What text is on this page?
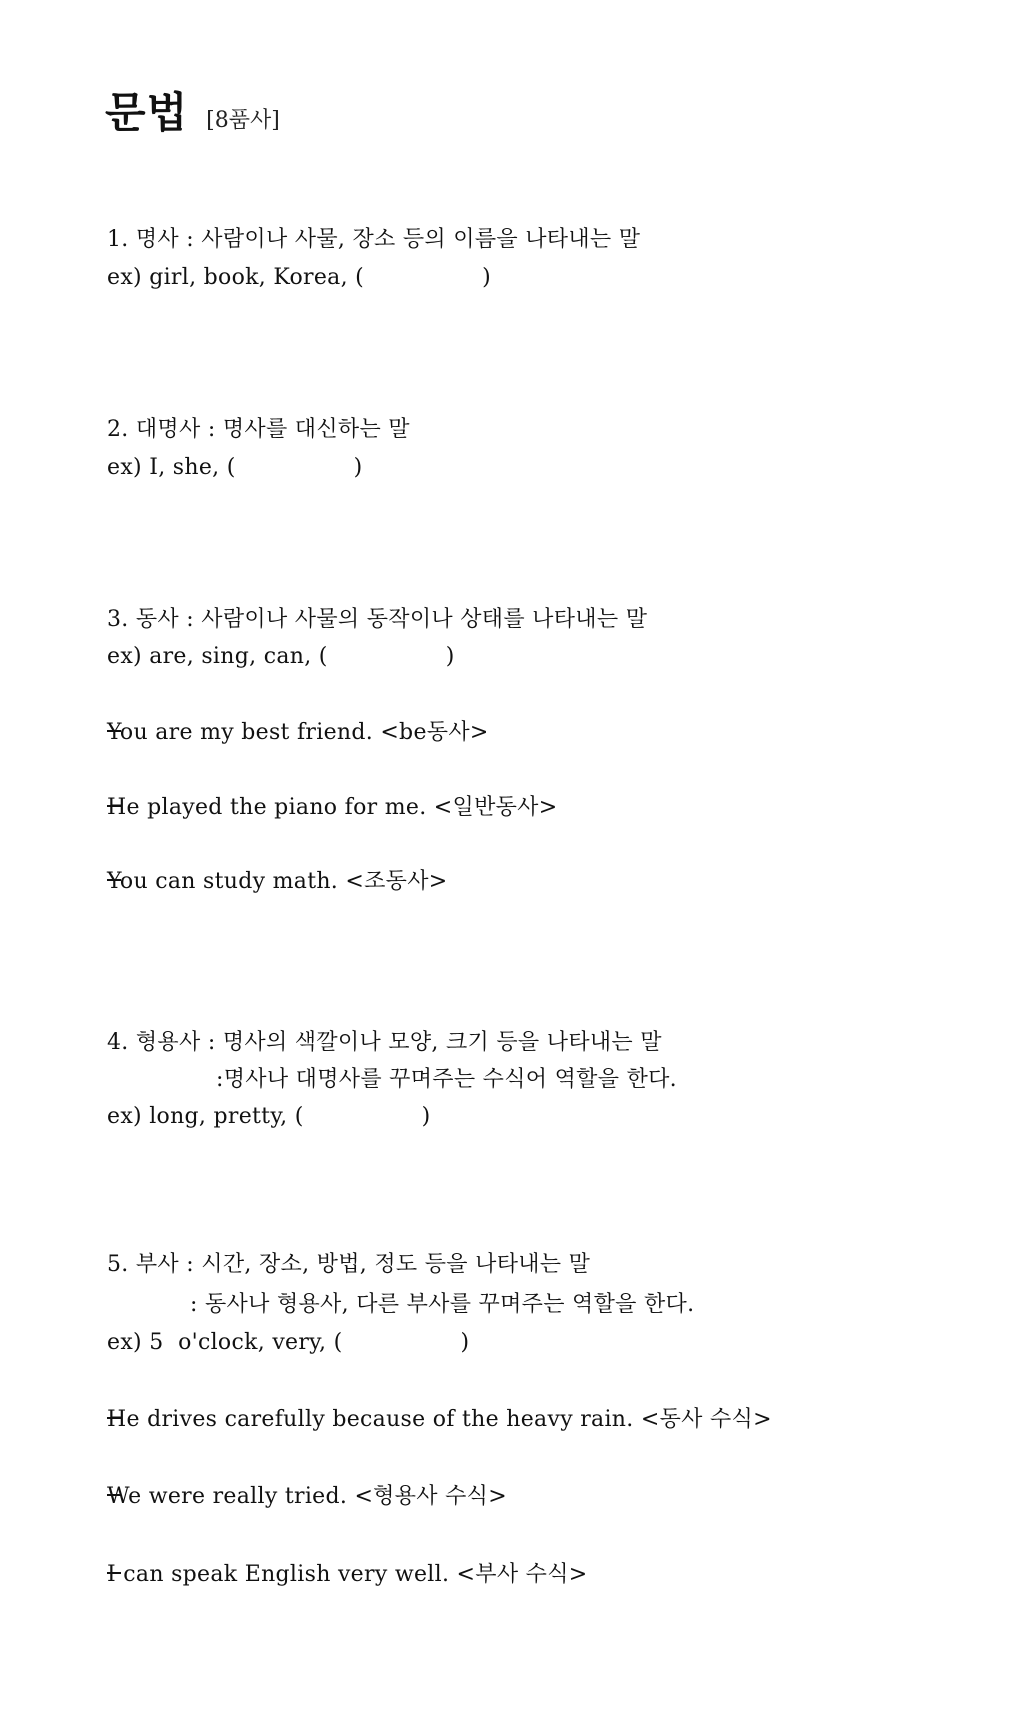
문법 [8품사]
1. 명사 : 사람이나 사물, 장소 등의 이름을 나타내는 말
ex) girl, book, Korea, (	)
2. 대명사 : 명사를 대신하는 말
ex) I, she, (	)
3. 동사 : 사람이나 사물의 동작이나 상태를 나타내는 말
ex) are, sing, can, (	)
You are my best friend. <be동사>
He played the piano for me. <일반동사>
You can study math. <조동사>
4. 형용사 : 명사의 색깔이나 모양, 크기 등을 나타내는 말
:명사나 대명사를 꾸며주는 수식어 역할을 한다.
ex) long, pretty, (	)
5. 부사 : 시간, 장소, 방법, 정도 등을 나타내는 말
: 동사나 형용사, 다른 부사를 꾸며주는 역할을 한다.
ex) 5  o'clock, very, (	)
He drives carefully because of the heavy rain. <동사 수식>
We were really tried. <형용사 수식>
I can speak English very well. <부사 수식>
